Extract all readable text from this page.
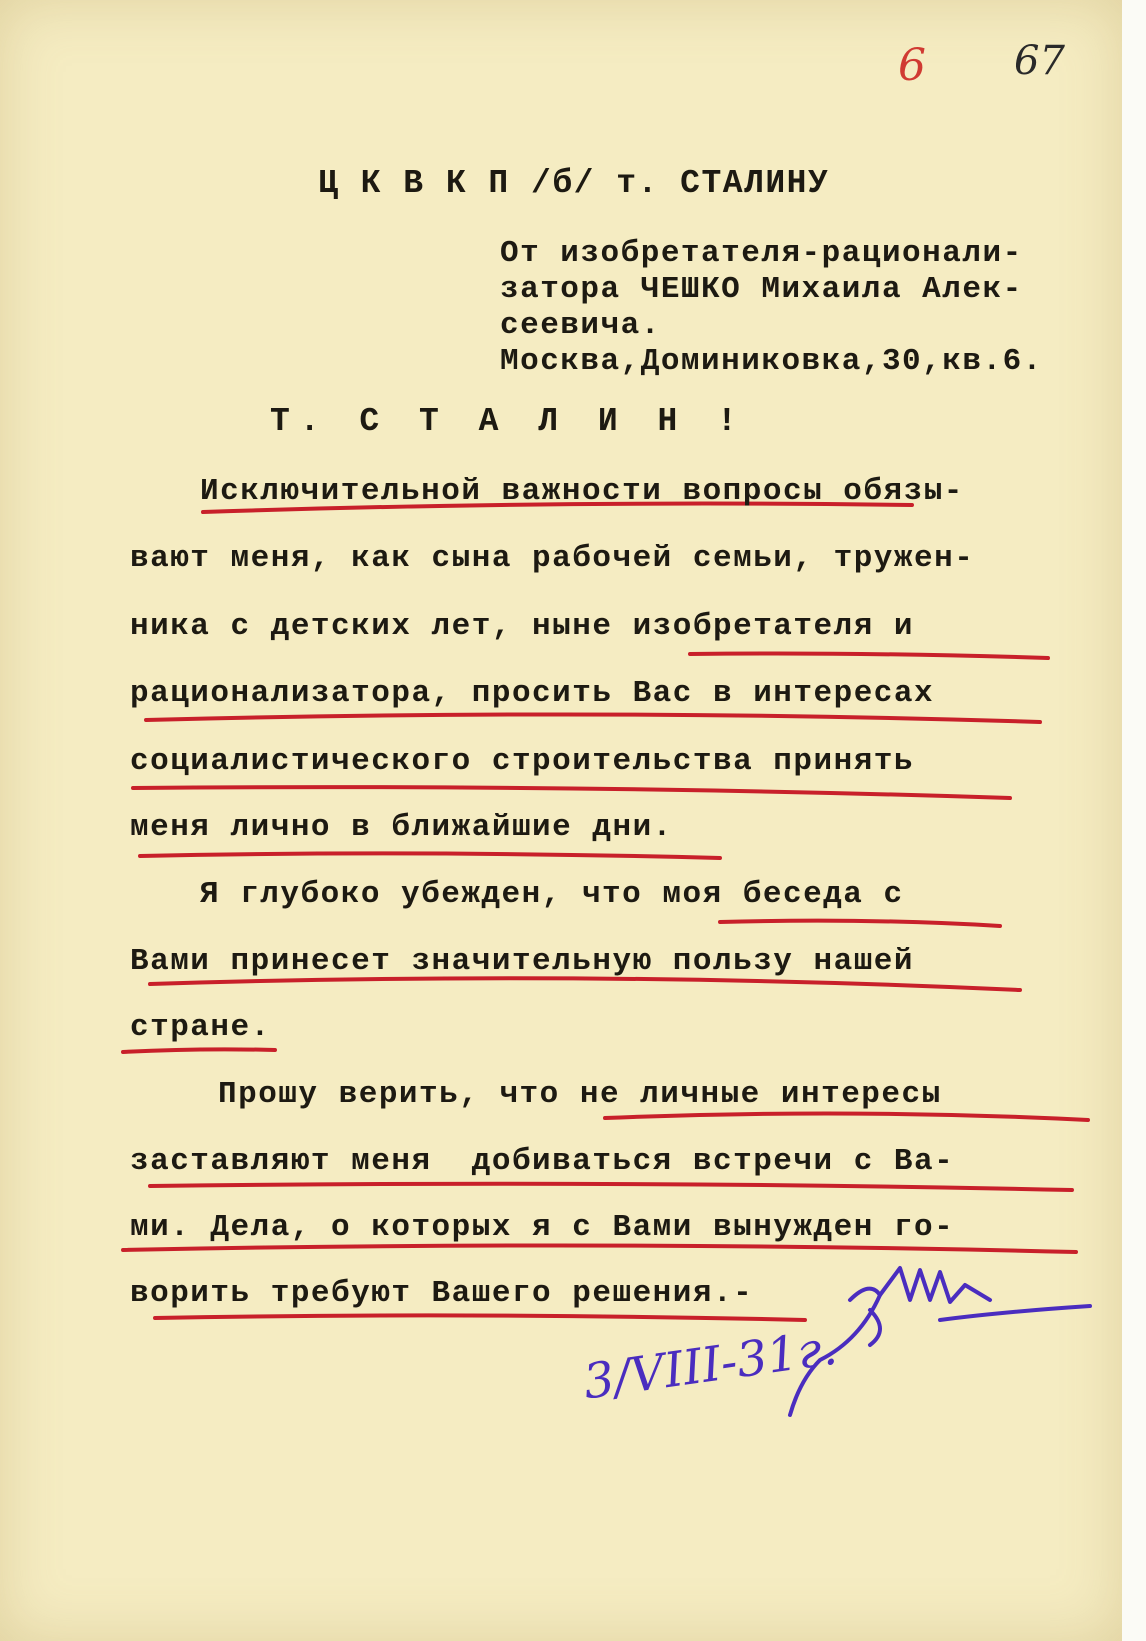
6 67
Ц К В К П /б/ т. СТАЛИНУ
От изобретателя-рационали-
затора ЧЕШКО Михаила Алек-
сеевича.
Москва,Доминиковка,30,кв.6.
Т. С Т А Л И Н !
Исключительной важности вопросы обязы-
вают меня, как сына рабочей семьи, тружен-
ника с детских лет, ныне изобретателя и
рационализатора, просить Вас в интересах
социалистического строительства принять
меня лично в ближайшие дни.
Я глубоко убежден, что моя беседа с
Вами принесет значительную пользу нашей
стране.
Прошу верить, что не личные интересы
заставляют меня  добиваться встречи с Ва-
ми. Дела, о которых я с Вами вынужден го-
ворить требуют Вашего решения.-
3/VIII-31г.
